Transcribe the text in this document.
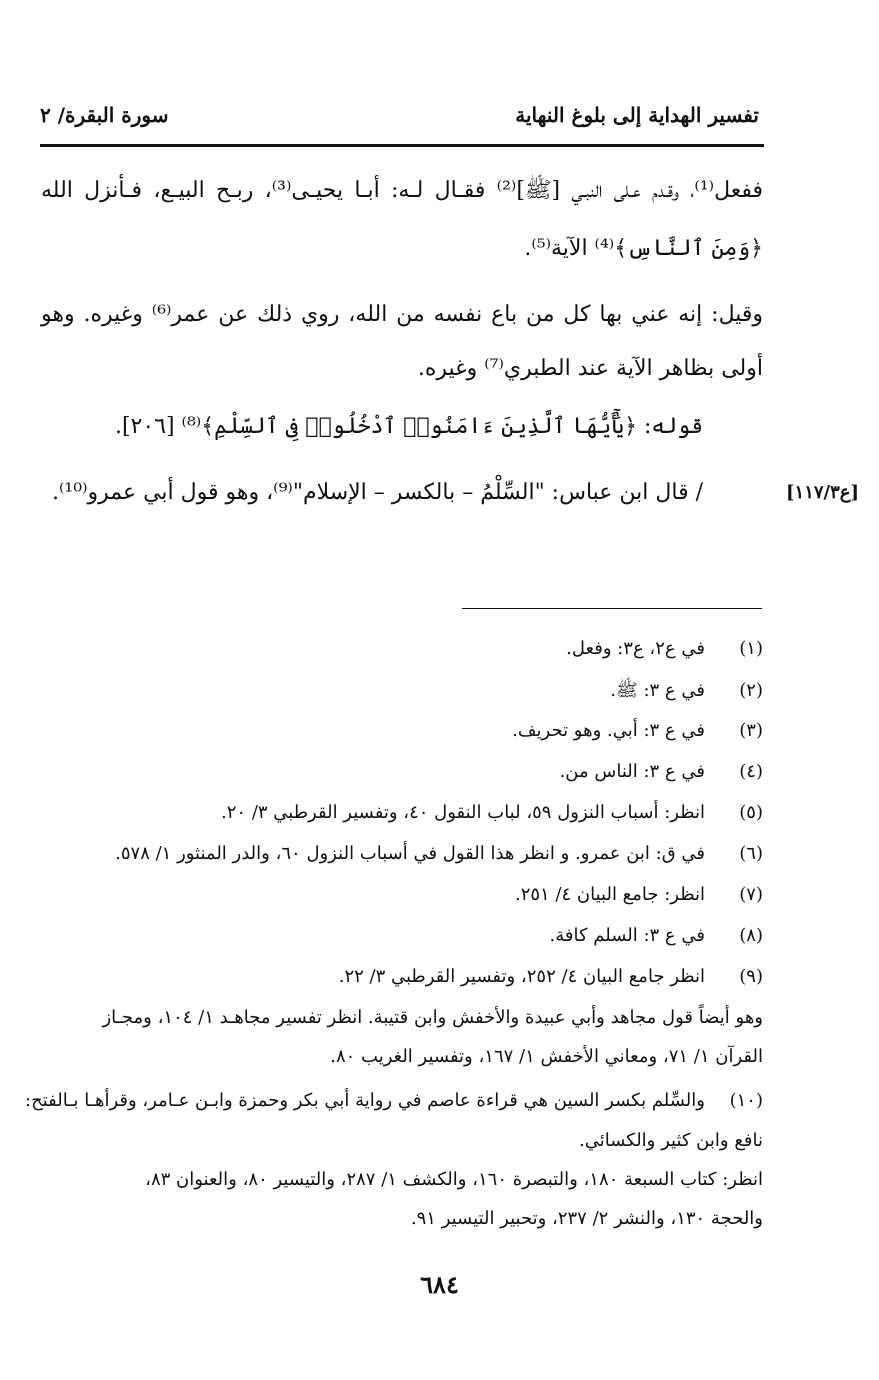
تفسير الهداية إلى بلوغ النهاية
سورة البقرة/ ٢
ففعل⁽¹⁾، وقـدم عـلى النبـي [ﷺ]⁽²⁾ فقـال لـه: أبـا يحيـى⁽³⁾، ربـح البيـع، فـأنزل الله
﴿وَمِنَ ٱلنَّاسِ﴾⁽⁴⁾ الآية⁽⁵⁾.
وقيل: إنه عني بها كل من باع نفسه من الله، روي ذلك عن عمر⁽⁶⁾ وغيره. وهو
أولى بظاهر الآية عند الطبري⁽⁷⁾ وغيره.
قوله: ﴿يَٰٓأَيُّهَا ٱلَّذِينَ ءَامَنُوا۟ ٱدْخُلُوا۟ فِى ٱلسِّلْمِ﴾⁽⁸⁾ [٢٠٦].
/ قال ابن عباس: "السِّلْمُ – بالكسر – الإسلام"⁽⁹⁾، وهو قول أبي عمرو⁽¹⁰⁾.	[ع١١٧/٣]
(١)في ع٢، ع٣: وفعل.
(٢)في ع ٣: ﷺ.
(٣)في ع ٣: أبي. وهو تحريف.
(٤)في ع ٣: الناس من.
(٥)انظر: أسباب النزول ٥٩، لباب النقول ٤٠، وتفسير القرطبي ٣/ ٢٠.
(٦)في ق: ابن عمرو. و انظر هذا القول في أسباب النزول ٦٠، والدر المنثور ١/ ٥٧٨.
(٧)انظر: جامع البيان ٤/ ٢٥١.
(٨)في ع ٣: السلم كافة.
(٩)انظر جامع البيان ٤/ ٢٥٢، وتفسير القرطبي ٣/ ٢٢.
وهو أيضاً قول مجاهد وأبي عبيدة والأخفش وابن قتيبة. انظر تفسير مجاهـد ١/ ١٠٤، ومجـاز
القرآن ١/ ٧١، ومعاني الأخفش ١/ ١٦٧، وتفسير الغريب ٨٠.
(١٠)والسِّلم بكسر السين هي قراءة عاصم في رواية أبي بكر وحمزة وابـن عـامر، وقرأهـا بـالفتح:
نافع وابن كثير والكسائي.
انظر: كتاب السبعة ١٨٠، والتبصرة ١٦٠، والكشف ١/ ٢٨٧، والتيسير ٨٠، والعنوان ٨٣،
والحجة ١٣٠، والنشر ٢/ ٢٣٧، وتحبير التيسير ٩١.
٦٨٤
